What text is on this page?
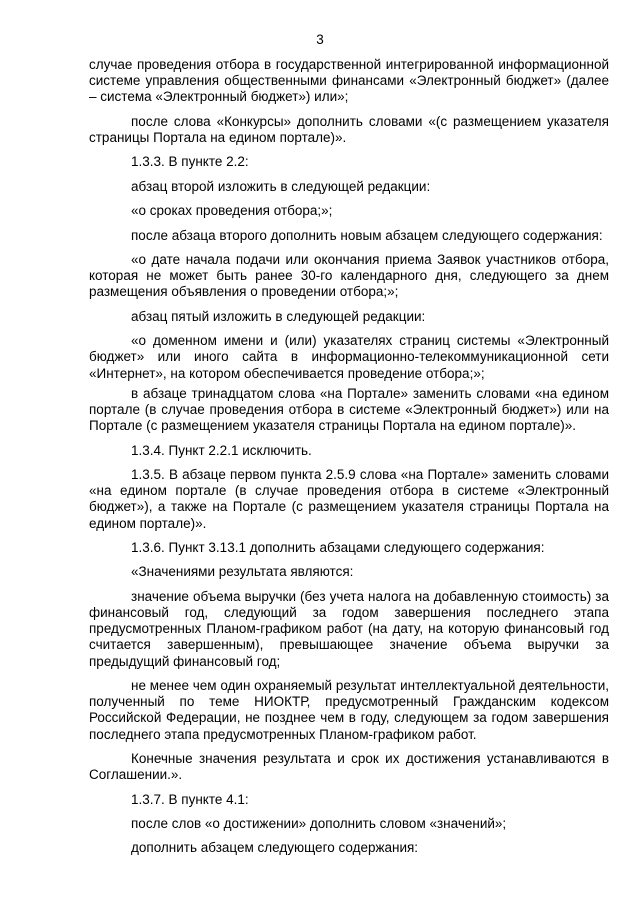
3

случае проведения отбора в государственной интегрированной информационной системе управления общественными финансами «Электронный бюджет» (далее – система «Электронный бюджет») или»;

после слова «Конкурсы» дополнить словами «(с размещением указателя страницы Портала на едином портале)».

1.3.3. В пункте 2.2:

абзац второй изложить в следующей редакции:

«о сроках проведения отбора;»;

после абзаца второго дополнить новым абзацем следующего содержания:

«о дате начала подачи или окончания приема Заявок участников отбора, которая не может быть ранее 30-го календарного дня, следующего за днем размещения объявления о проведении отбора;»;

абзац пятый изложить в следующей редакции:

«о доменном имени и (или) указателях страниц системы «Электронный бюджет» или иного сайта в информационно-телекоммуникационной сети «Интернет», на котором обеспечивается проведение отбора;»;

в абзаце тринадцатом слова «на Портале» заменить словами «на едином портале (в случае проведения отбора в системе «Электронный бюджет») или на Портале (с размещением указателя страницы Портала на едином портале)».

1.3.4. Пункт 2.2.1 исключить.

1.3.5. В абзаце первом пункта 2.5.9 слова «на Портале» заменить словами «на едином портале (в случае проведения отбора в системе «Электронный бюджет»), а также на Портале (с размещением указателя страницы Портала на едином портале)».

1.3.6. Пункт 3.13.1 дополнить абзацами следующего содержания:

«Значениями результата являются:

значение объема выручки (без учета налога на добавленную стоимость) за финансовый год, следующий за годом завершения последнего этапа предусмотренных Планом-графиком работ (на дату, на которую финансовый год считается завершенным), превышающее значение объема выручки за предыдущий финансовый год;

не менее чем один охраняемый результат интеллектуальной деятельности, полученный по теме НИОКТР, предусмотренный Гражданским кодексом Российской Федерации, не позднее чем в году, следующем за годом завершения последнего этапа предусмотренных Планом-графиком работ.

Конечные значения результата и срок их достижения устанавливаются в Соглашении.».

1.3.7. В пункте 4.1:

после слов «о достижении» дополнить словом «значений»;

дополнить абзацем следующего содержания:
